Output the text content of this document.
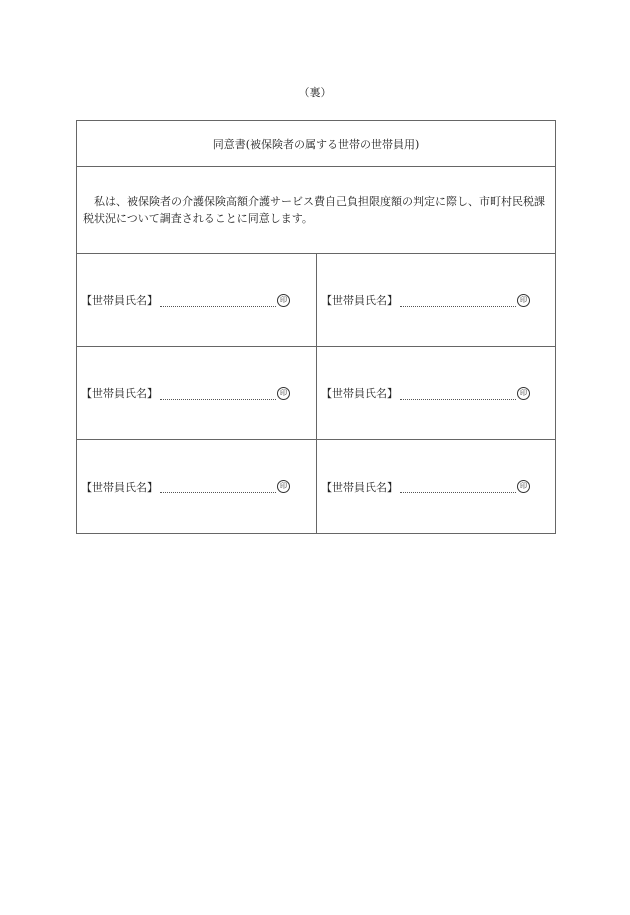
（裏）
同意書(被保険者の属する世帯の世帯員用)
私は、被保険者の介護保険高額介護サービス費自己負担限度額の判定に際し、市町村民税課税状況について調査されることに同意します。
【世帯員氏名】	印	【世帯員氏名】	印
【世帯員氏名】	印	【世帯員氏名】	印
【世帯員氏名】	印	【世帯員氏名】	印
